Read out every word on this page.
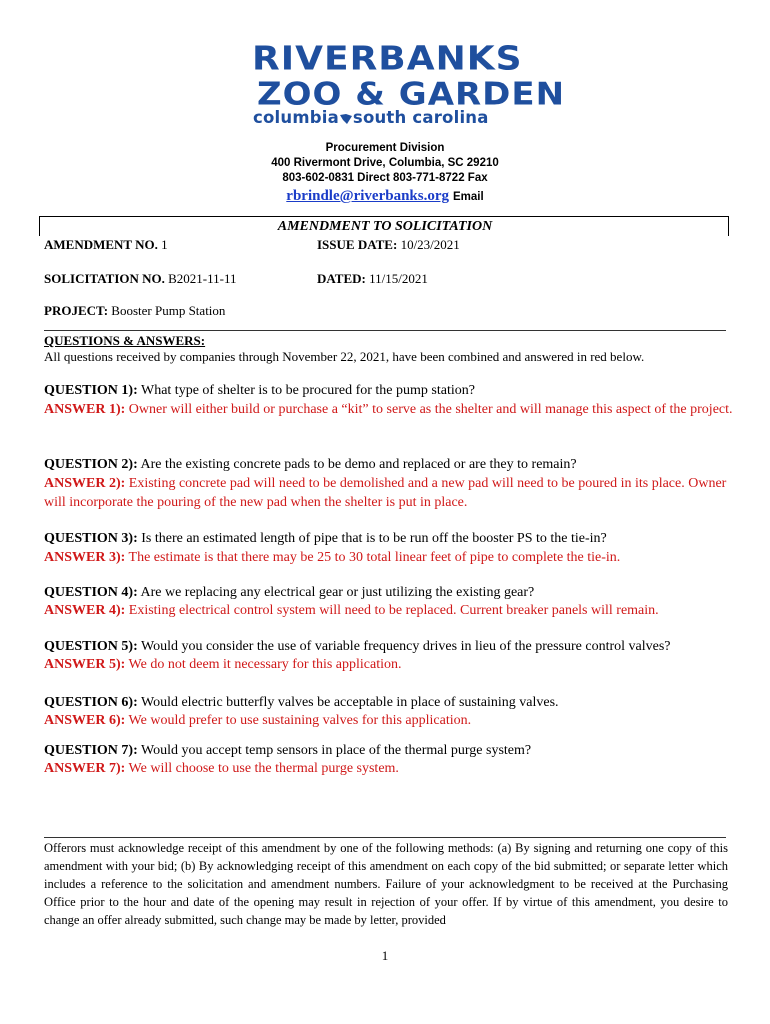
RIVERBANKS
ZOO & GARDEN
columbia south carolina
Procurement Division
400 Rivermont Drive, Columbia, SC 29210
803-602-0831 Direct 803-771-8722 Fax
rbrindle@riverbanks.org Email
AMENDMENT TO SOLICITATION
AMENDMENT NO. 1	ISSUE DATE: 10/23/2021
SOLICITATION NO. B2021-11-11	DATED: 11/15/2021
PROJECT: Booster Pump Station
QUESTIONS & ANSWERS:
All questions received by companies through November 22, 2021, have been combined and answered in red below.
QUESTION 1): What type of shelter is to be procured for the pump station?
ANSWER 1): Owner will either build or purchase a “kit” to serve as the shelter and will manage this aspect of the project.
QUESTION 2): Are the existing concrete pads to be demo and replaced or are they to remain?
ANSWER 2): Existing concrete pad will need to be demolished and a new pad will need to be poured in its place. Owner will incorporate the pouring of the new pad when the shelter is put in place.
QUESTION 3): Is there an estimated length of pipe that is to be run off the booster PS to the tie-in?
ANSWER 3): The estimate is that there may be 25 to 30 total linear feet of pipe to complete the tie-in.
QUESTION 4): Are we replacing any electrical gear or just utilizing the existing gear?
ANSWER 4): Existing electrical control system will need to be replaced. Current breaker panels will remain.
QUESTION 5): Would you consider the use of variable frequency drives in lieu of the pressure control valves?
ANSWER 5): We do not deem it necessary for this application.
QUESTION 6): Would electric butterfly valves be acceptable in place of sustaining valves.
ANSWER 6): We would prefer to use sustaining valves for this application.
QUESTION 7): Would you accept temp sensors in place of the thermal purge system?
ANSWER 7): We will choose to use the thermal purge system.
Offerors must acknowledge receipt of this amendment by one of the following methods: (a) By signing and returning one copy of this amendment with your bid; (b) By acknowledging receipt of this amendment on each copy of the bid submitted; or separate letter which includes a reference to the solicitation and amendment numbers. Failure of your acknowledgment to be received at the Purchasing Office prior to the hour and date of the opening may result in rejection of your offer. If by virtue of this amendment, you desire to change an offer already submitted, such change may be made by letter, provided
1
